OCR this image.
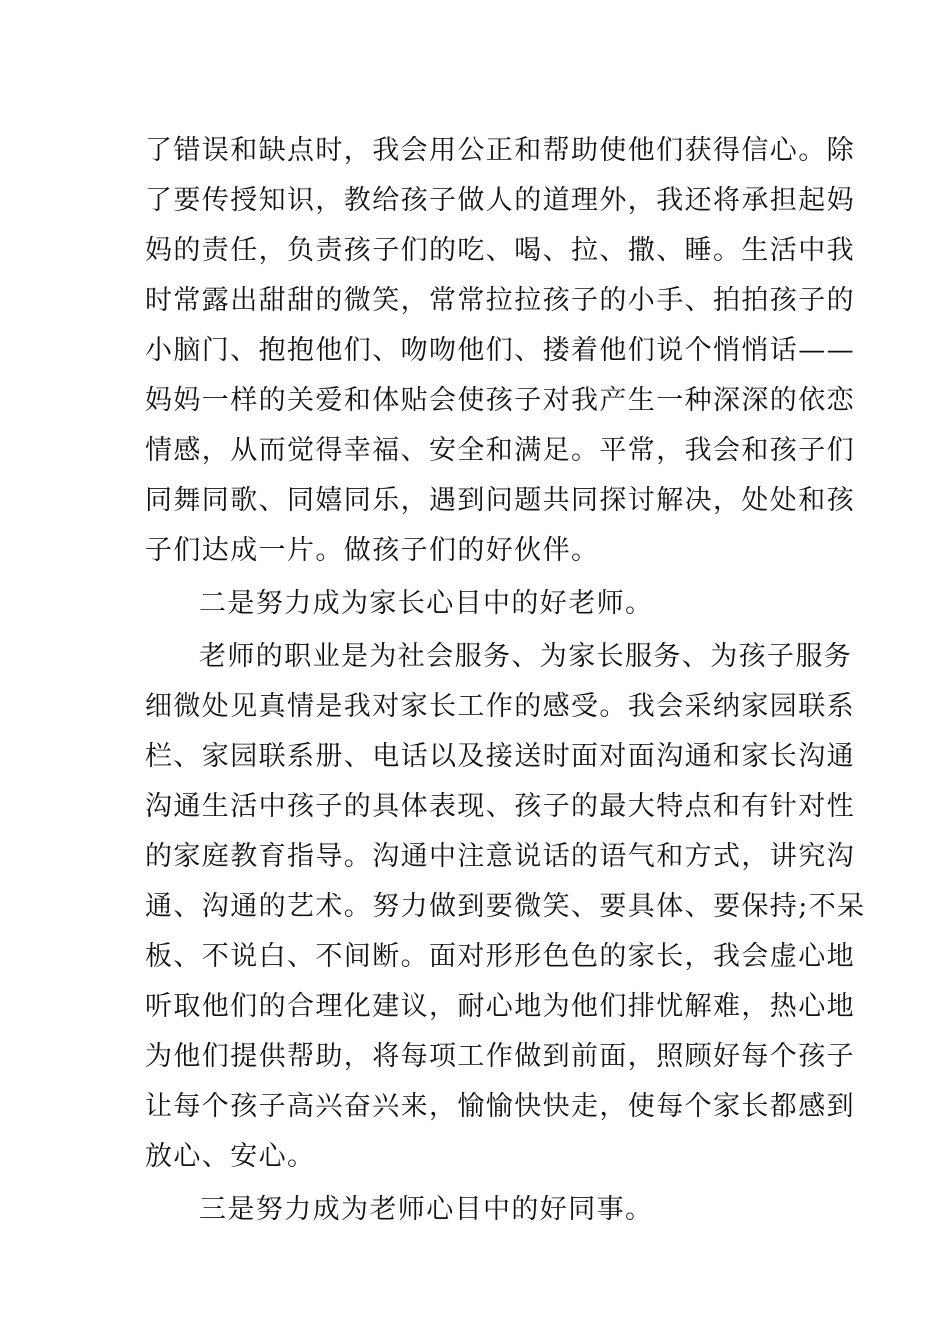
了错误和缺点时，我会用公正和帮助使他们获得信心。除
了要传授知识，教给孩子做人的道理外，我还将承担起妈
妈的责任，负责孩子们的吃、喝、拉、撒、睡。生活中我
时常露出甜甜的微笑，常常拉拉孩子的小手、拍拍孩子的
小脑门、抱抱他们、吻吻他们、搂着他们说个悄悄话——
妈妈一样的关爱和体贴会使孩子对我产生一种深深的依恋
情感，从而觉得幸福、安全和满足。平常，我会和孩子们
同舞同歌、同嬉同乐，遇到问题共同探讨解决，处处和孩
子们达成一片。做孩子们的好伙伴。
二是努力成为家长心目中的好老师。
老师的职业是为社会服务、为家长服务、为孩子服务
细微处见真情是我对家长工作的感受。我会采纳家园联系
栏、家园联系册、电话以及接送时面对面沟通和家长沟通
沟通生活中孩子的具体表现、孩子的最大特点和有针对性
的家庭教育指导。沟通中注意说话的语气和方式，讲究沟
通、沟通的艺术。努力做到要微笑、要具体、要保持;不呆
板、不说白、不间断。面对形形色色的家长，我会虚心地
听取他们的合理化建议，耐心地为他们排忧解难，热心地
为他们提供帮助，将每项工作做到前面，照顾好每个孩子
让每个孩子高兴奋兴来，愉愉快快走，使每个家长都感到
放心、安心。
三是努力成为老师心目中的好同事。
